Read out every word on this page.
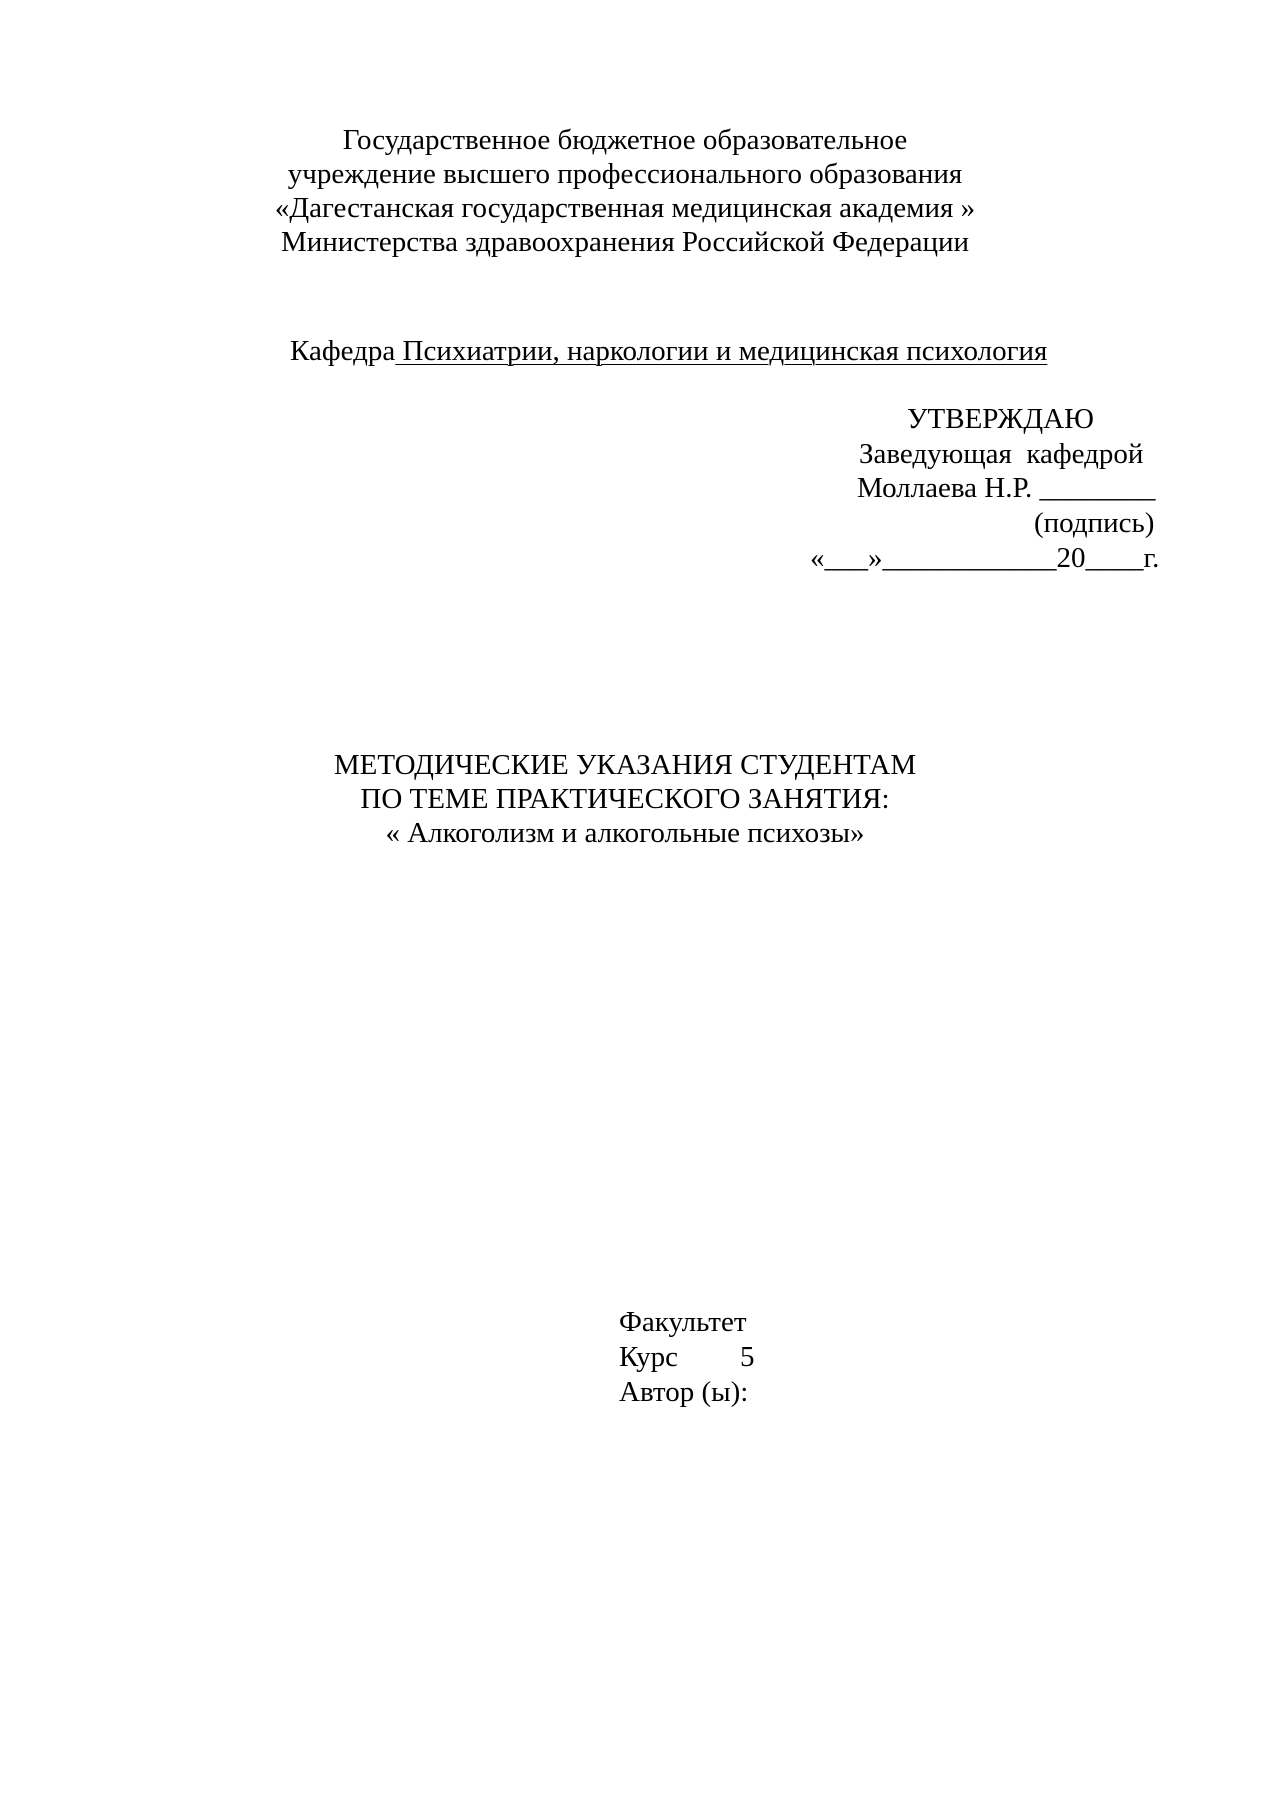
Государственное бюджетное образовательное
учреждение высшего профессионального образования
«Дагестанская государственная медицинская академия »
Министерства здравоохранения Российской Федерации
Кафедра Психиатрии, наркологии и медицинская психология
УТВЕРЖДАЮ
Заведующая  кафедрой
Моллаева Н.Р. ________
(подпись)
«___»____________20____г.
МЕТОДИЧЕСКИЕ УКАЗАНИЯ СТУДЕНТАМ
ПО ТЕМЕ ПРАКТИЧЕСКОГО ЗАНЯТИЯ:
« Алкоголизм и алкогольные психозы»
Факультет
Курс 5
Автор (ы):
